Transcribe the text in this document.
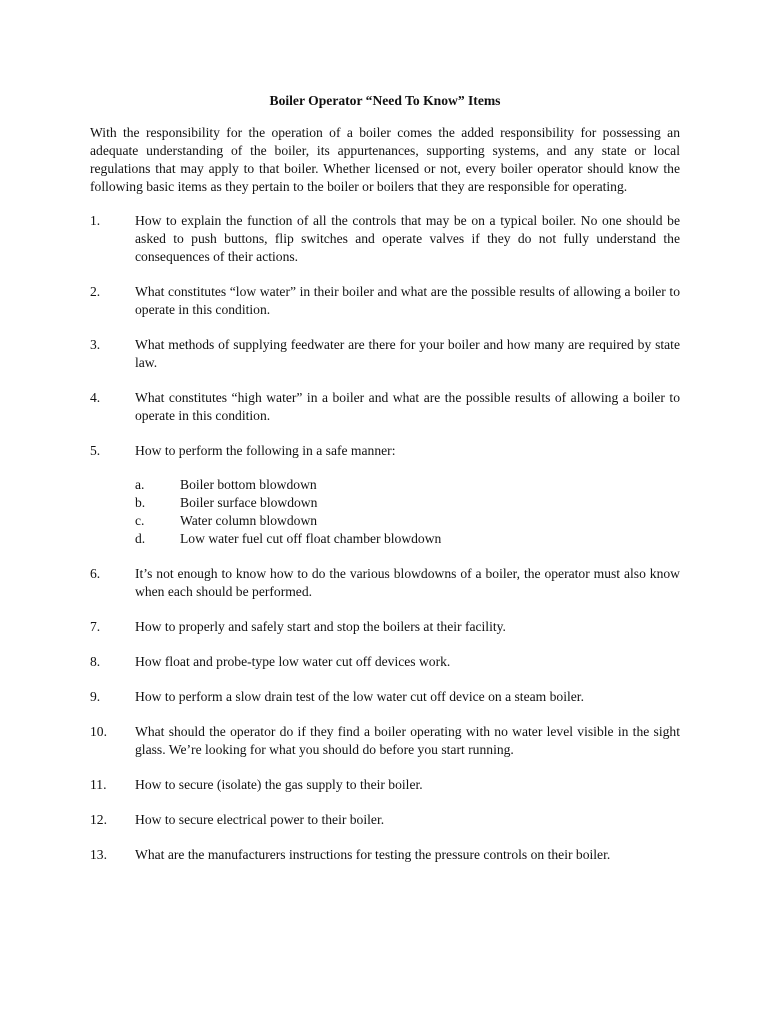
Boiler Operator “Need To Know” Items
With the responsibility for the operation of a boiler comes the added responsibility for possessing an adequate understanding of the boiler, its appurtenances, supporting systems, and any state or local regulations that may apply to that boiler. Whether licensed or not, every boiler operator should know the following basic items as they pertain to the boiler or boilers that they are responsible for operating.
1.	How to explain the function of all the controls that may be on a typical boiler. No one should be asked to push buttons, flip switches and operate valves if they do not fully understand the consequences of their actions.
2.	What constitutes “low water” in their boiler and what are the possible results of allowing a boiler to operate in this condition.
3.	What methods of supplying feedwater are there for your boiler and how many are required by state law.
4.	What constitutes “high water” in a boiler and what are the possible results of allowing a boiler to operate in this condition.
5.	How to perform the following in a safe manner:
a.	Boiler bottom blowdown
b.	Boiler surface blowdown
c.	Water column blowdown
d.	Low water fuel cut off float chamber blowdown
6.	It’s not enough to know how to do the various blowdowns of a boiler, the operator must also know when each should be performed.
7.	How to properly and safely start and stop the boilers at their facility.
8.	How float and probe-type low water cut off devices work.
9.	How to perform a slow drain test of the low water cut off device on a steam boiler.
10.	What should the operator do if they find a boiler operating with no water level visible in the sight glass. We’re looking for what you should do before you start running.
11.	How to secure (isolate) the gas supply to their boiler.
12.	How to secure electrical power to their boiler.
13.	What are the manufacturers instructions for testing the pressure controls on their boiler.
